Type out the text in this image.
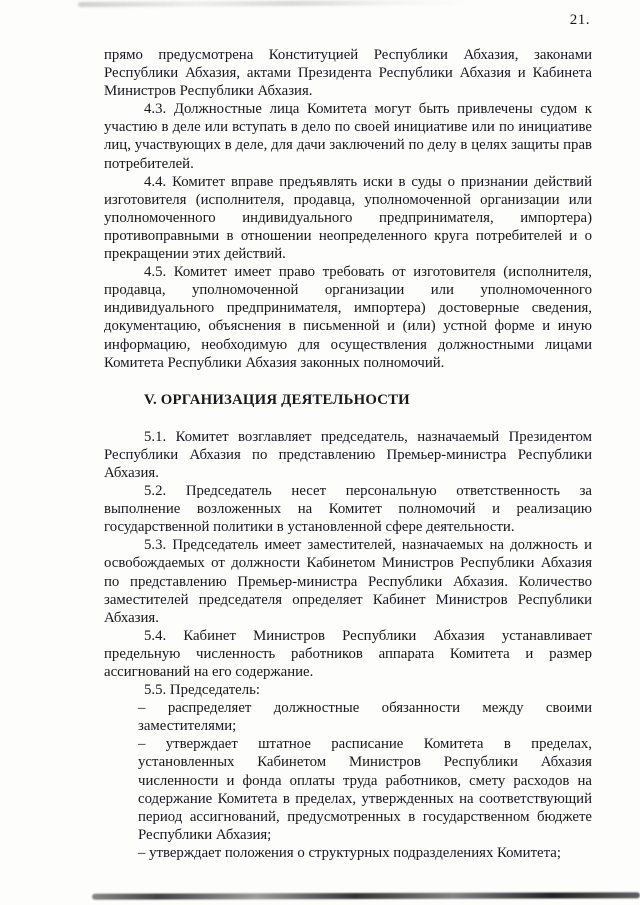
21.

прямо предусмотрена Конституцией Республики Абхазия, законами Республики Абхазия, актами Президента Республики Абхазия и Кабинета Министров Республики Абхазия.

4.3. Должностные лица Комитета могут быть привлечены судом к участию в деле или вступать в дело по своей инициативе или по инициативе лиц, участвующих в деле, для дачи заключений по делу в целях защиты прав потребителей.

4.4. Комитет вправе предъявлять иски в суды о признании действий изготовителя (исполнителя, продавца, уполномоченной организации или уполномоченного индивидуального предпринимателя, импортера) противоправными в отношении неопределенного круга потребителей и о прекращении этих действий.

4.5. Комитет имеет право требовать от изготовителя (исполнителя, продавца, уполномоченной организации или уполномоченного индивидуального предпринимателя, импортера) достоверные сведения, документацию, объяснения в письменной и (или) устной форме и иную информацию, необходимую для осуществления должностными лицами Комитета Республики Абхазия законных полномочий.

V. ОРГАНИЗАЦИЯ ДЕЯТЕЛЬНОСТИ

5.1. Комитет возглавляет председатель, назначаемый Президентом Республики Абхазия по представлению Премьер-министра Республики Абхазия.

5.2. Председатель несет персональную ответственность за выполнение возложенных на Комитет полномочий и реализацию государственной политики в установленной сфере деятельности.

5.3. Председатель имеет заместителей, назначаемых на должность и освобождаемых от должности Кабинетом Министров Республики Абхазия по представлению Премьер-министра Республики Абхазия. Количество заместителей председателя определяет Кабинет Министров Республики Абхазия.

5.4. Кабинет Министров Республики Абхазия устанавливает предельную численность работников аппарата Комитета и размер ассигнований на его содержание.

5.5. Председатель:

– распределяет должностные обязанности между своими заместителями;

– утверждает штатное расписание Комитета в пределах, установленных Кабинетом Министров Республики Абхазия численности и фонда оплаты труда работников, смету расходов на содержание Комитета в пределах, утвержденных на соответствующий период ассигнований, предусмотренных в государственном бюджете Республики Абхазия;

– утверждает положения о структурных подразделениях Комитета;
